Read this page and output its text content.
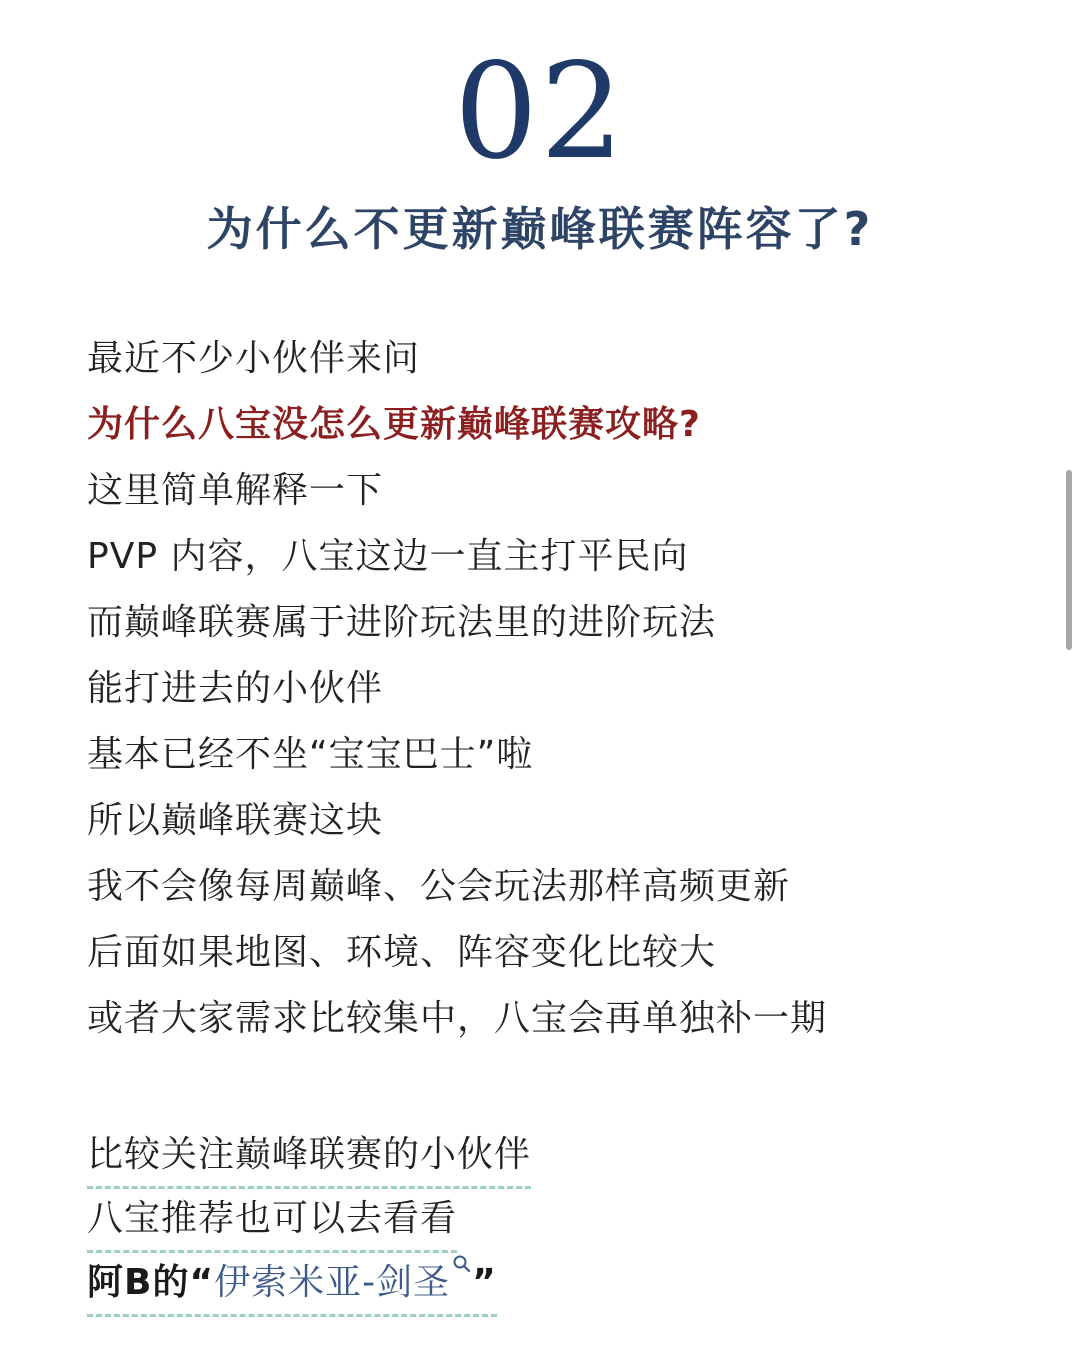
02
为什么不更新巅峰联赛阵容了?
最近不少小伙伴来问
为什么八宝没怎么更新巅峰联赛攻略?
这里简单解释一下
PVP 内容，八宝这边一直主打平民向
而巅峰联赛属于进阶玩法里的进阶玩法
能打进去的小伙伴
基本已经不坐“宝宝巴士”啦
所以巅峰联赛这块
我不会像每周巅峰、公会玩法那样高频更新
后面如果地图、环境、阵容变化比较大
或者大家需求比较集中，八宝会再单独补一期
比较关注巅峰联赛的小伙伴
八宝推荐也可以去看看
阿B的“伊索米亚-剑圣 ”
